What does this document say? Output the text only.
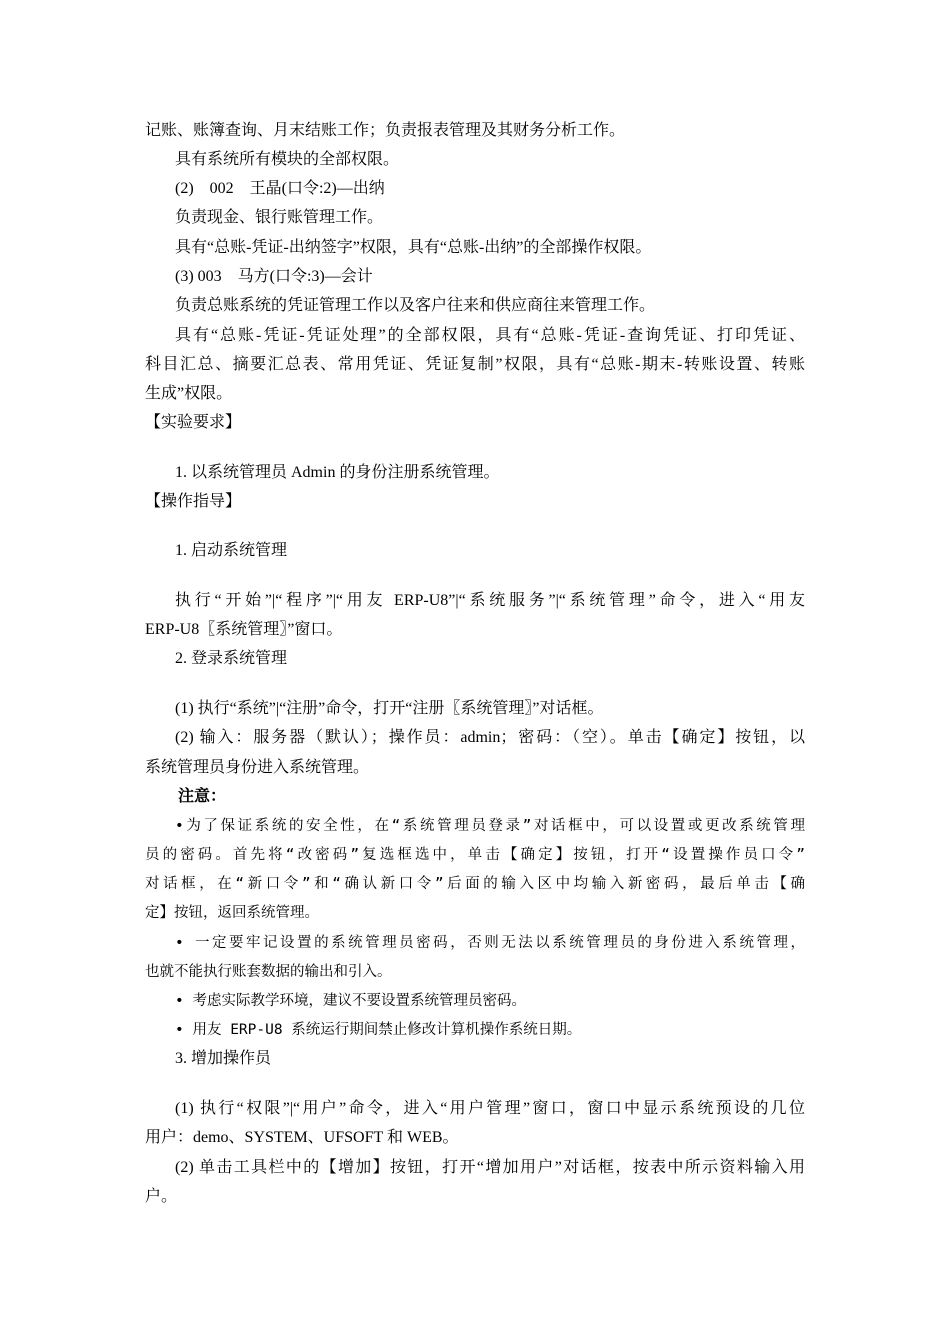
记账、账簿查询、月末结账工作；负责报表管理及其财务分析工作。
具有系统所有模块的全部权限。
(2)　002　王晶(口令:2)—出纳
负责现金、银行账管理工作。
具有“总账-凭证-出纳签字”权限，具有“总账-出纳”的全部操作权限。
(3) 003　马方(口令:3)—会计
负责总账系统的凭证管理工作以及客户往来和供应商往来管理工作。
具有“总账-凭证-凭证处理”的全部权限，具有“总账-凭证-查询凭证、打印凭证、
科目汇总、摘要汇总表、常用凭证、凭证复制”权限，具有“总账-期末-转账设置、转账
生成”权限。
【实验要求】
1. 以系统管理员 Admin 的身份注册系统管理。
【操作指导】
1. 启动系统管理
执行“开始”|“程序”|“用友 ERP-U8”|“系统服务”|“系统管理”命令，进入“用友
ERP-U8〖系统管理〗”窗口。
2. 登录系统管理
(1) 执行“系统”|“注册”命令，打开“注册〖系统管理〗”对话框。
(2) 输入：服务器（默认）；操作员：admin；密码：（空）。单击【确定】按钮，以
系统管理员身份进入系统管理。
注意：
•为了保证系统的安全性，在“系统管理员登录”对话框中，可以设置或更改系统管理
员的密码。首先将“改密码”复选框选中，单击【确定】按钮，打开“设置操作员口令”
对话框，在“新口令”和“确认新口令”后面的输入区中均输入新密码，最后单击【确
定】按钮，返回系统管理。
• 一定要牢记设置的系统管理员密码，否则无法以系统管理员的身份进入系统管理，
也就不能执行账套数据的输出和引入。
• 考虑实际教学环境，建议不要设置系统管理员密码。
• 用友 ERP-U8 系统运行期间禁止修改计算机操作系统日期。
3. 增加操作员
(1) 执行“权限”|“用户”命令，进入“用户管理”窗口，窗口中显示系统预设的几位
用户：demo、SYSTEM、UFSOFT 和 WEB。
(2) 单击工具栏中的【增加】按钮，打开“增加用户”对话框，按表中所示资料输入用
户。
